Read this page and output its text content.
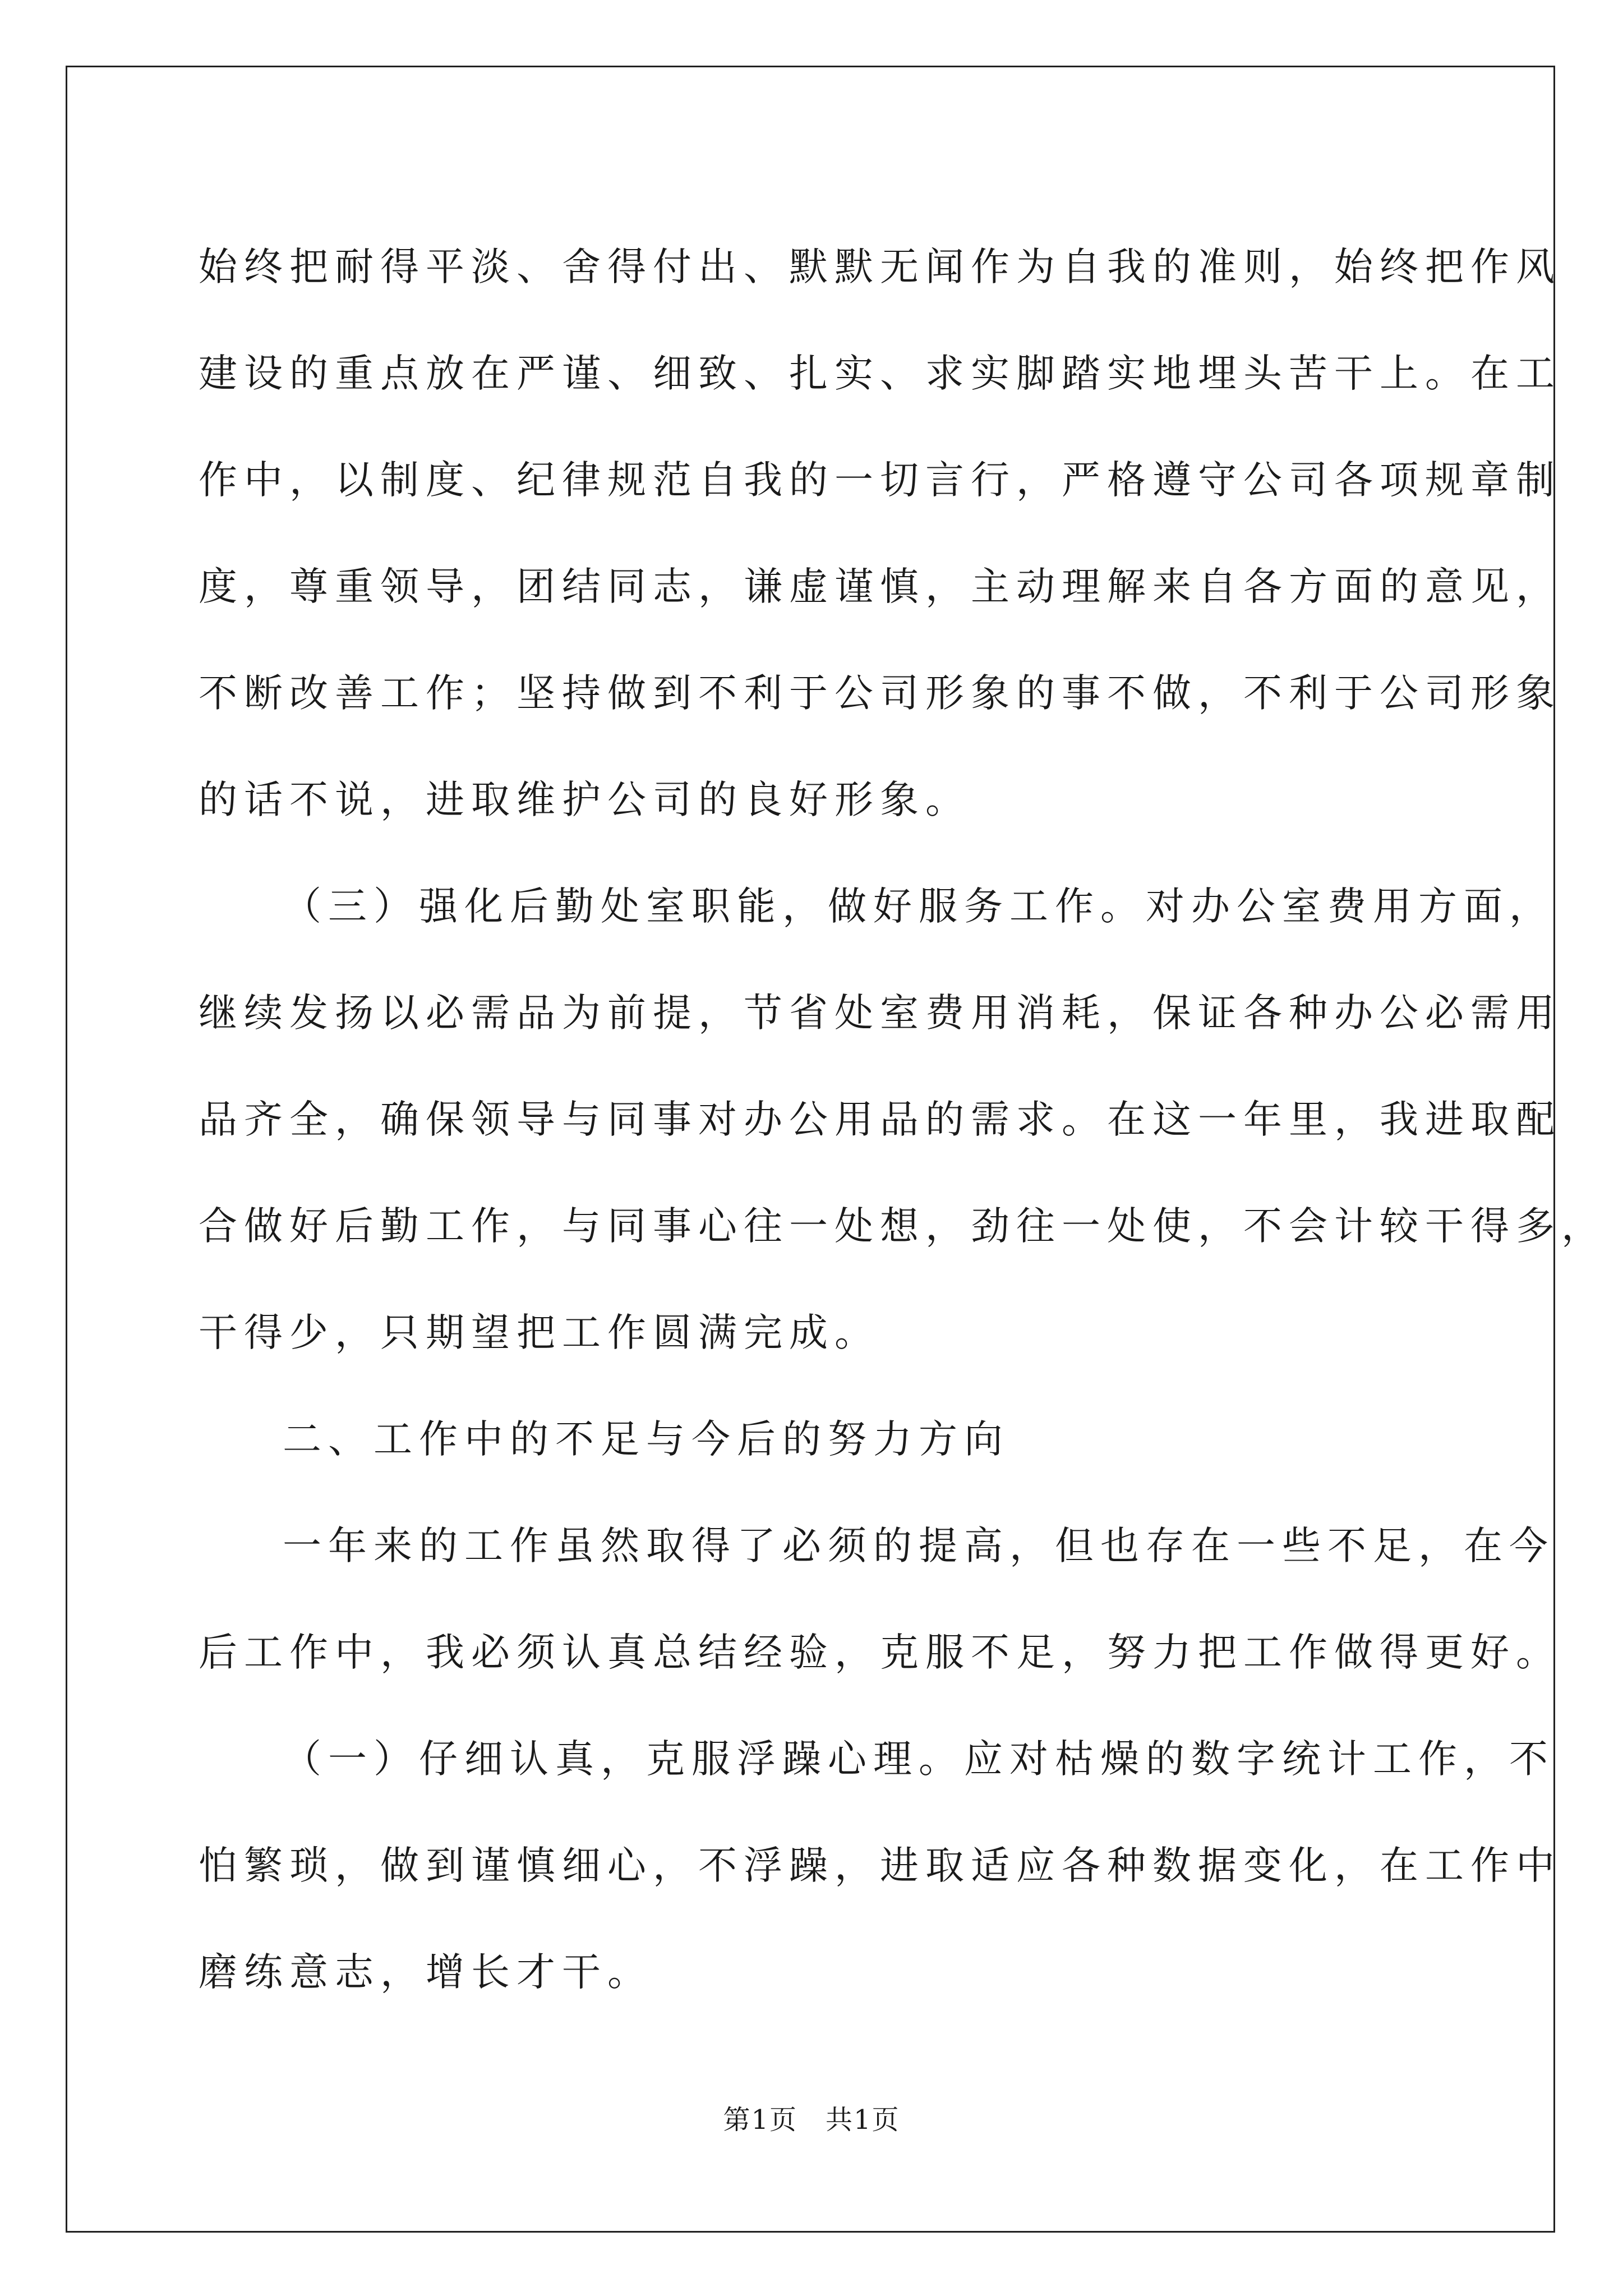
始终把耐得平淡、舍得付出、默默无闻作为自我的准则，始终把作风
建设的重点放在严谨、细致、扎实、求实脚踏实地埋头苦干上。在工
作中，以制度、纪律规范自我的一切言行，严格遵守公司各项规章制
度，尊重领导，团结同志，谦虚谨慎，主动理解来自各方面的意见，
不断改善工作；坚持做到不利于公司形象的事不做，不利于公司形象
的话不说，进取维护公司的良好形象。
（三）强化后勤处室职能，做好服务工作。对办公室费用方面，
继续发扬以必需品为前提，节省处室费用消耗，保证各种办公必需用
品齐全，确保领导与同事对办公用品的需求。在这一年里，我进取配
合做好后勤工作，与同事心往一处想，劲往一处使，不会计较干得多，
干得少，只期望把工作圆满完成。
二、工作中的不足与今后的努力方向
一年来的工作虽然取得了必须的提高，但也存在一些不足，在今
后工作中，我必须认真总结经验，克服不足，努力把工作做得更好。
（一）仔细认真，克服浮躁心理。应对枯燥的数字统计工作，不
怕繁琐，做到谨慎细心，不浮躁，进取适应各种数据变化，在工作中
磨练意志，增长才干。
第1页　共1页
